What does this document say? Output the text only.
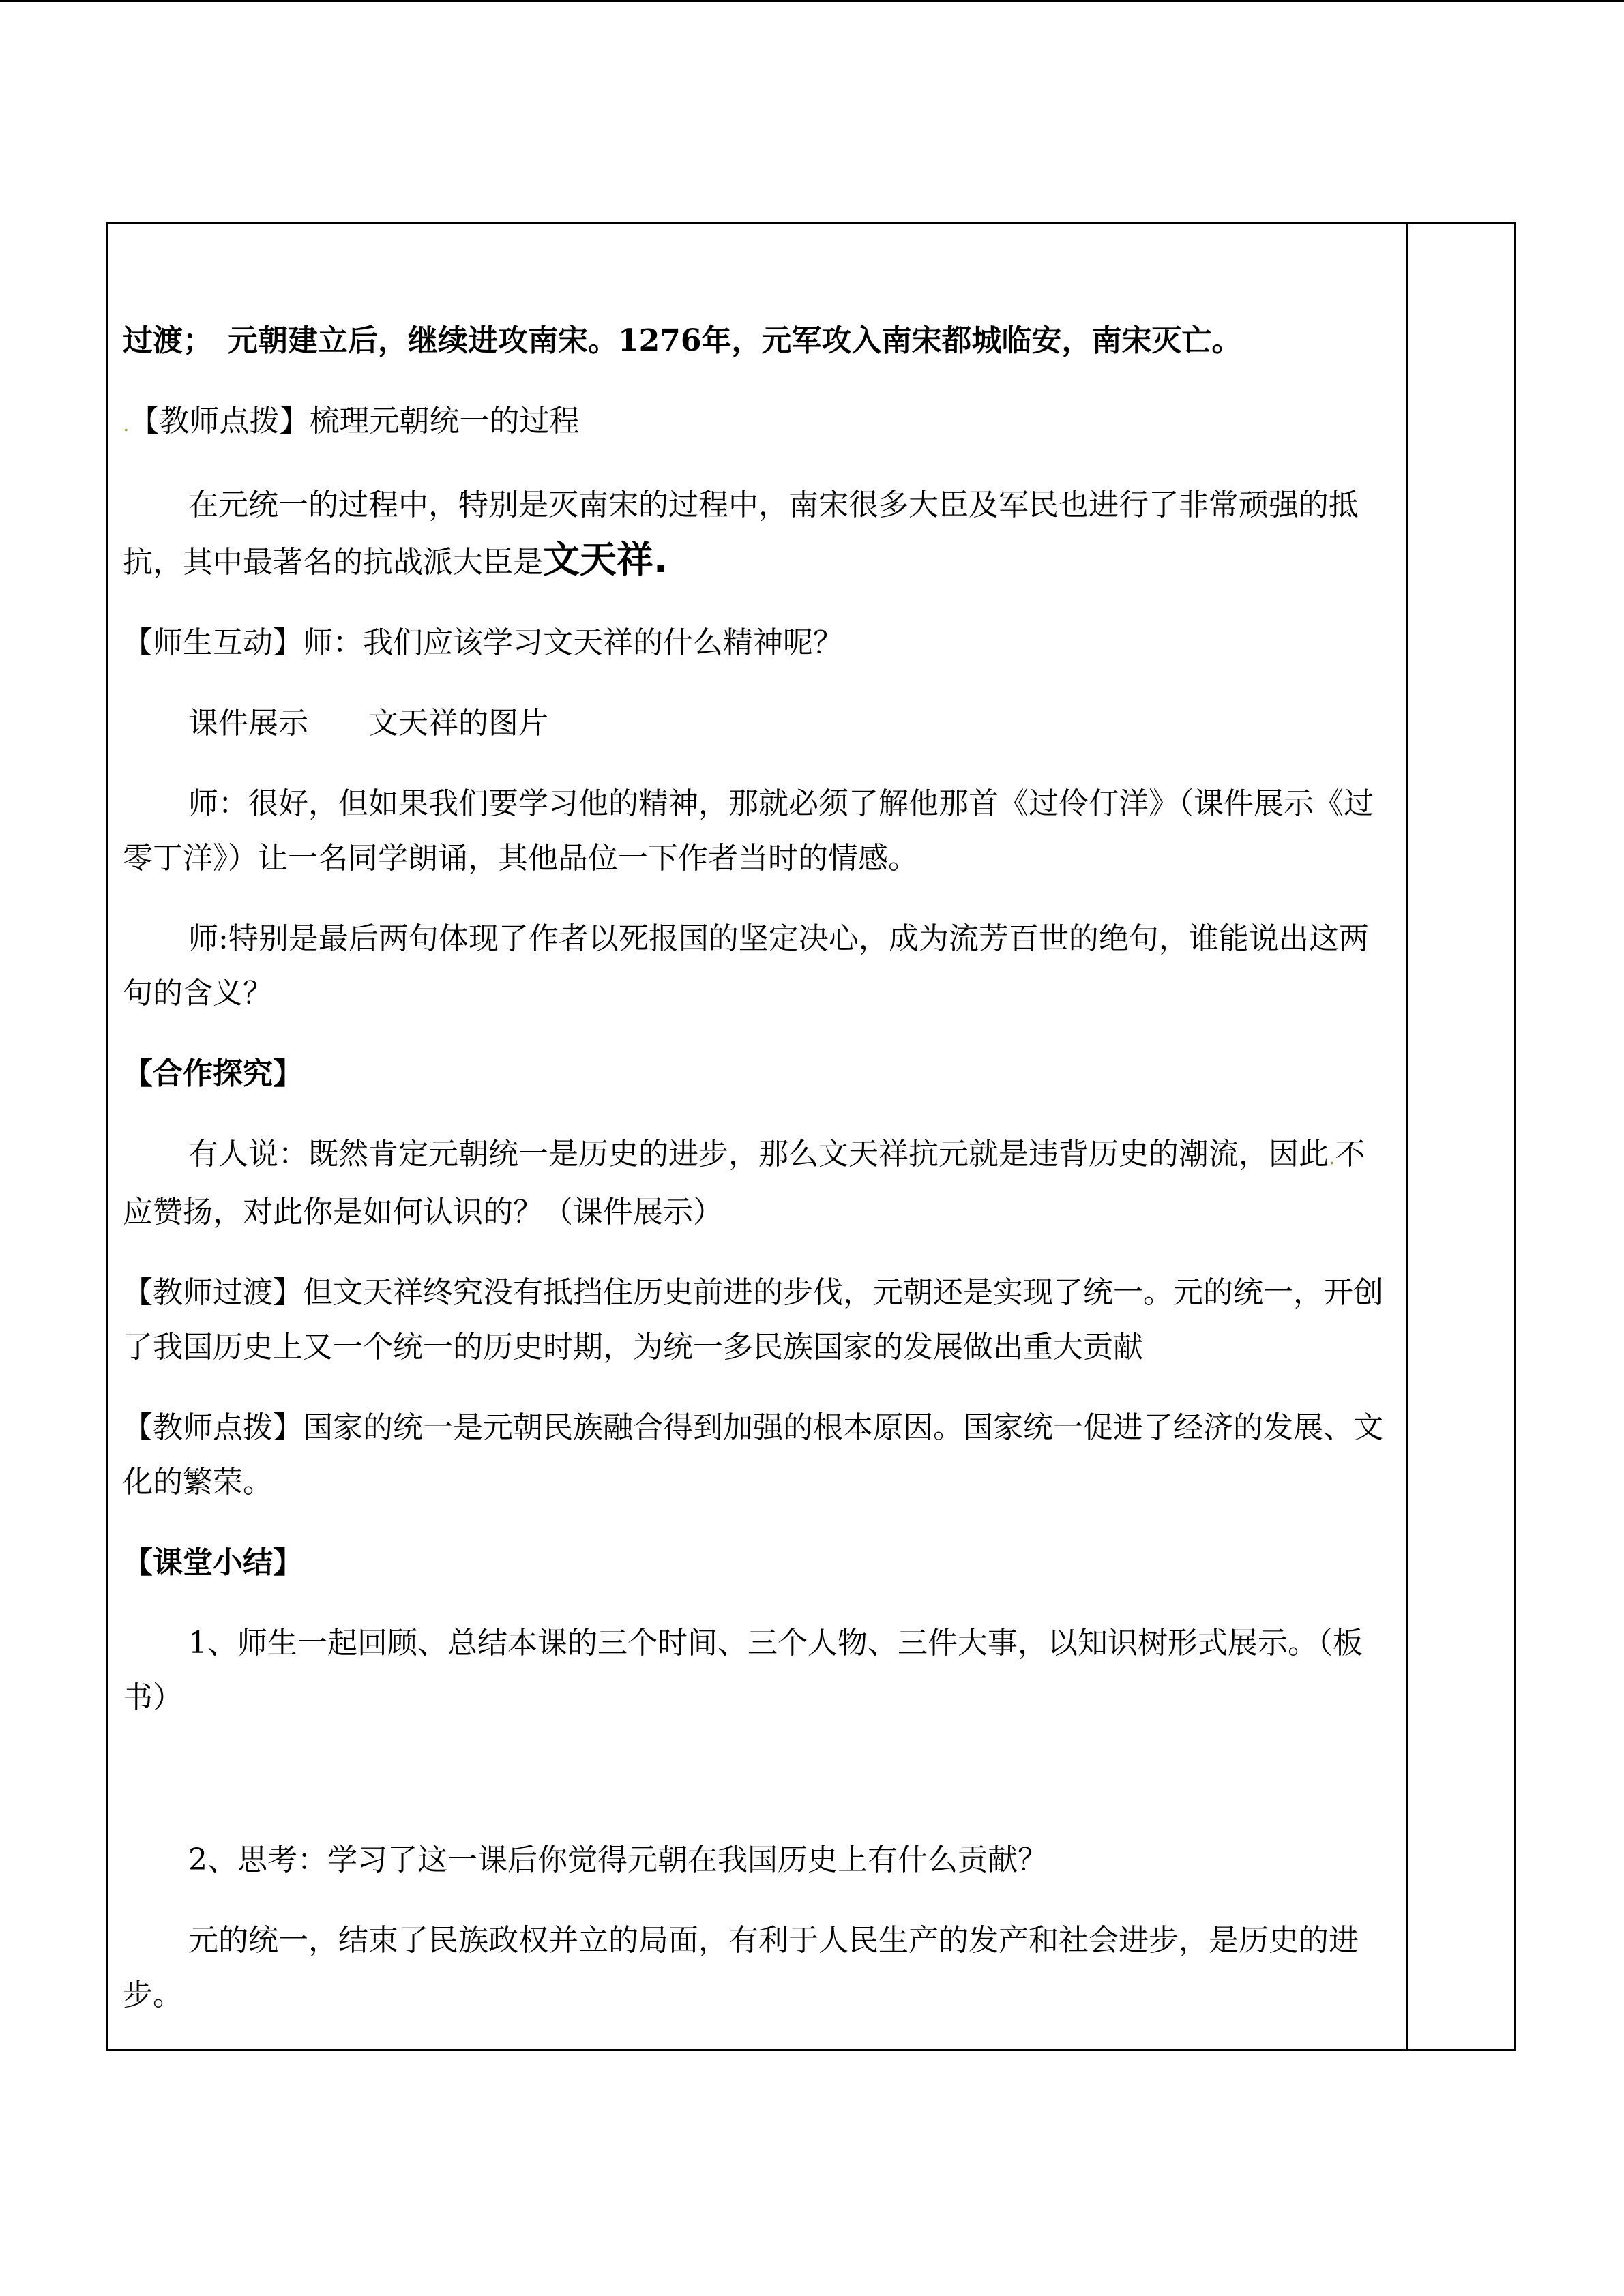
过渡；　元朝建立后，继续进攻南宋。1276年，元军攻入南宋都城临安，南宋灭亡。

.【教师点拨】梳理元朝统一的过程

在元统一的过程中，特别是灭南宋的过程中，南宋很多大臣及军民也进行了非常顽强的抵抗，其中最著名的抗战派大臣是文天祥.

【师生互动】师：我们应该学习文天祥的什么精神呢？

课件展示　　文天祥的图片

师：很好，但如果我们要学习他的精神，那就必须了解他那首《过伶仃洋》（课件展示《过零丁洋》）让一名同学朗诵，其他品位一下作者当时的情感。

师:特别是最后两句体现了作者以死报国的坚定决心，成为流芳百世的绝句，谁能说出这两句的含义？

【合作探究】

有人说：既然肯定元朝统一是历史的进步，那么文天祥抗元就是违背历史的潮流，因此.不应赞扬，对此你是如何认识的？（课件展示）

【教师过渡】但文天祥终究没有抵挡住历史前进的步伐，元朝还是实现了统一。元的统一，开创了我国历史上又一个统一的历史时期，为统一多民族国家的发展做出重大贡献

【教师点拨】国家的统一是元朝民族融合得到加强的根本原因。国家统一促进了经济的发展、文化的繁荣。

【课堂小结】

1、师生一起回顾、总结本课的三个时间、三个人物、三件大事，以知识树形式展示。（板书）

2、思考：学习了这一课后你觉得元朝在我国历史上有什么贡献？

元的统一，结束了民族政权并立的局面，有利于人民生产的发产和社会进步，是历史的进步。
